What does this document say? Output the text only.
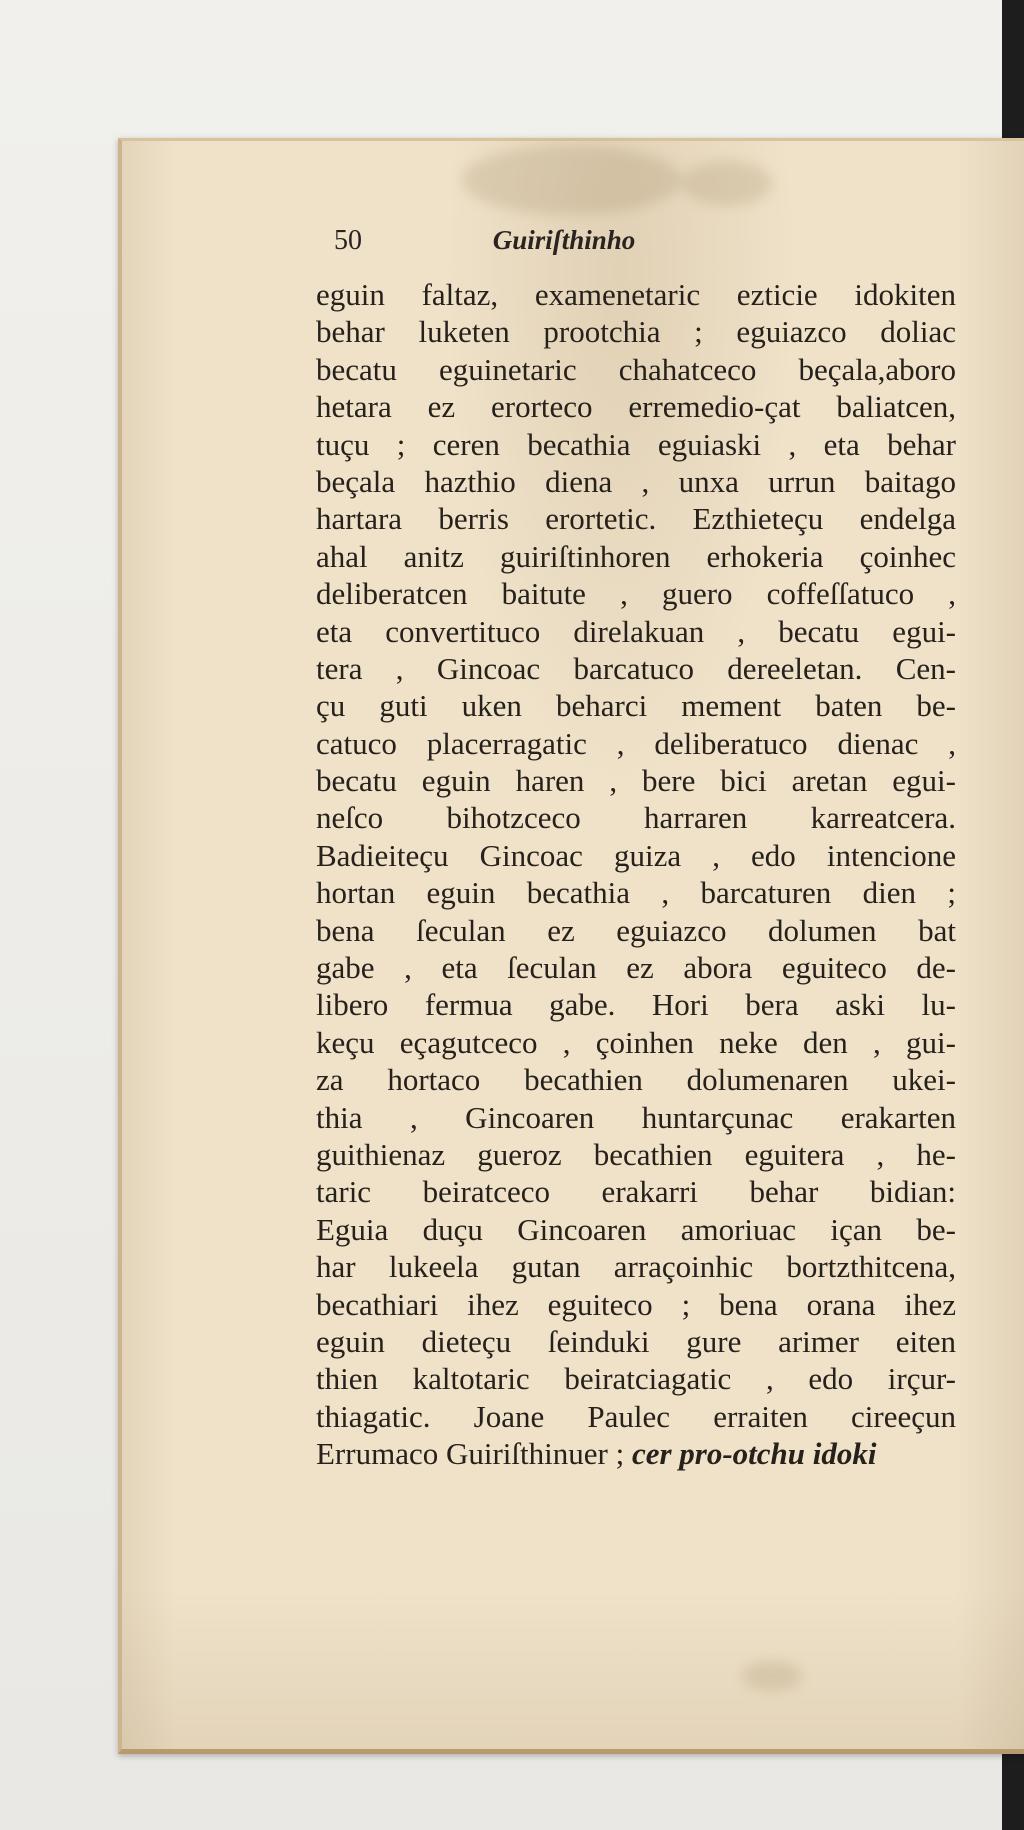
50	Guiriſthinho
eguin faltaz, examenetaric ezticie idokiten
behar luketen prootchia ; eguiazco doliac
becatu eguinetaric chahatceco beçala,aboro
hetara ez erorteco erremedio-çat baliatcen,
tuçu ; ceren becathia eguiaski , eta behar
beçala hazthio diena , unxa urrun baitago
hartara berris erortetic. Ezthieteçu endelga
ahal anitz guiriſtinhoren erhokeria çoinhec
deliberatcen baitute , guero coffeſſatuco ,
eta convertituco direlakuan , becatu egui-
tera , Gincoac barcatuco dereeletan. Cen-
çu guti uken beharci mement baten be-
catuco placerragatic , deliberatuco dienac ,
becatu eguin haren , bere bici aretan egui-
neſco bihotzceco harraren karreatcera.
Badieiteçu Gincoac guiza , edo intencione
hortan eguin becathia , barcaturen dien ;
bena ſeculan ez eguiazco dolumen bat
gabe , eta ſeculan ez abora eguiteco de-
libero fermua gabe. Hori bera aski lu-
keçu eçagutceco , çoinhen neke den , gui-
za hortaco becathien dolumenaren ukei-
thia , Gincoaren huntarçunac erakarten
guithienaz gueroz becathien eguitera , he-
taric beiratceco erakarri behar bidian:
Eguia duçu Gincoaren amoriuac içan be-
har lukeela gutan arraçoinhic bortzthitcena,
becathiari ihez eguiteco ; bena orana ihez
eguin dieteçu ſeinduki gure arimer eiten
thien kaltotaric beiratciagatic , edo irçur-
thiagatic. Joane Paulec erraiten cireeçun
Errumaco Guiriſthinuer ; cer pro-otchu idoki
